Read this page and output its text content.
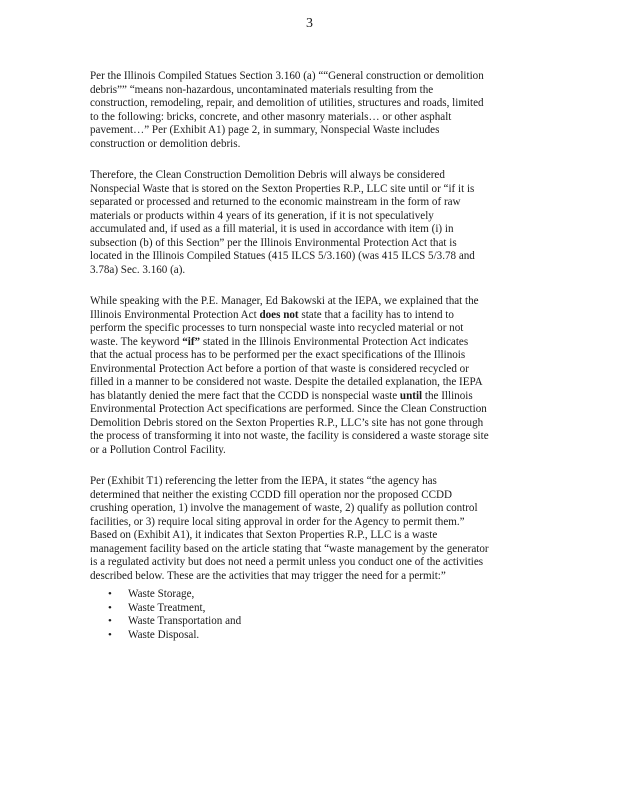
3
Per the Illinois Compiled Statues Section 3.160 (a) ““General construction or demolition
debris”” “means non-hazardous, uncontaminated materials resulting from the
construction, remodeling, repair, and demolition of utilities, structures and roads, limited
to the following: bricks, concrete, and other masonry materials… or other asphalt
pavement…” Per (Exhibit A1) page 2, in summary, Nonspecial Waste includes
construction or demolition debris.
Therefore, the Clean Construction Demolition Debris will always be considered
Nonspecial Waste that is stored on the Sexton Properties R.P., LLC site until or “if it is
separated or processed and returned to the economic mainstream in the form of raw
materials or products within 4 years of its generation, if it is not speculatively
accumulated and, if used as a fill material, it is used in accordance with item (i) in
subsection (b) of this Section” per the Illinois Environmental Protection Act that is
located in the Illinois Compiled Statues (415 ILCS 5/3.160) (was 415 ILCS 5/3.78 and
3.78a) Sec. 3.160 (a).
While speaking with the P.E. Manager, Ed Bakowski at the IEPA, we explained that the
Illinois Environmental Protection Act does not state that a facility has to intend to
perform the specific processes to turn nonspecial waste into recycled material or not
waste. The keyword “if” stated in the Illinois Environmental Protection Act indicates
that the actual process has to be performed per the exact specifications of the Illinois
Environmental Protection Act before a portion of that waste is considered recycled or
filled in a manner to be considered not waste. Despite the detailed explanation, the IEPA
has blatantly denied the mere fact that the CCDD is nonspecial waste until the Illinois
Environmental Protection Act specifications are performed. Since the Clean Construction
Demolition Debris stored on the Sexton Properties R.P., LLC’s site has not gone through
the process of transforming it into not waste, the facility is considered a waste storage site
or a Pollution Control Facility.
Per (Exhibit T1) referencing the letter from the IEPA, it states “the agency has
determined that neither the existing CCDD fill operation nor the proposed CCDD
crushing operation, 1) involve the management of waste, 2) qualify as pollution control
facilities, or 3) require local siting approval in order for the Agency to permit them.”
Based on (Exhibit A1), it indicates that Sexton Properties R.P., LLC is a waste
management facility based on the article stating that “waste management by the generator
is a regulated activity but does not need a permit unless you conduct one of the activities
described below. These are the activities that may trigger the need for a permit:”
• Waste Storage,
• Waste Treatment,
• Waste Transportation and
• Waste Disposal.
